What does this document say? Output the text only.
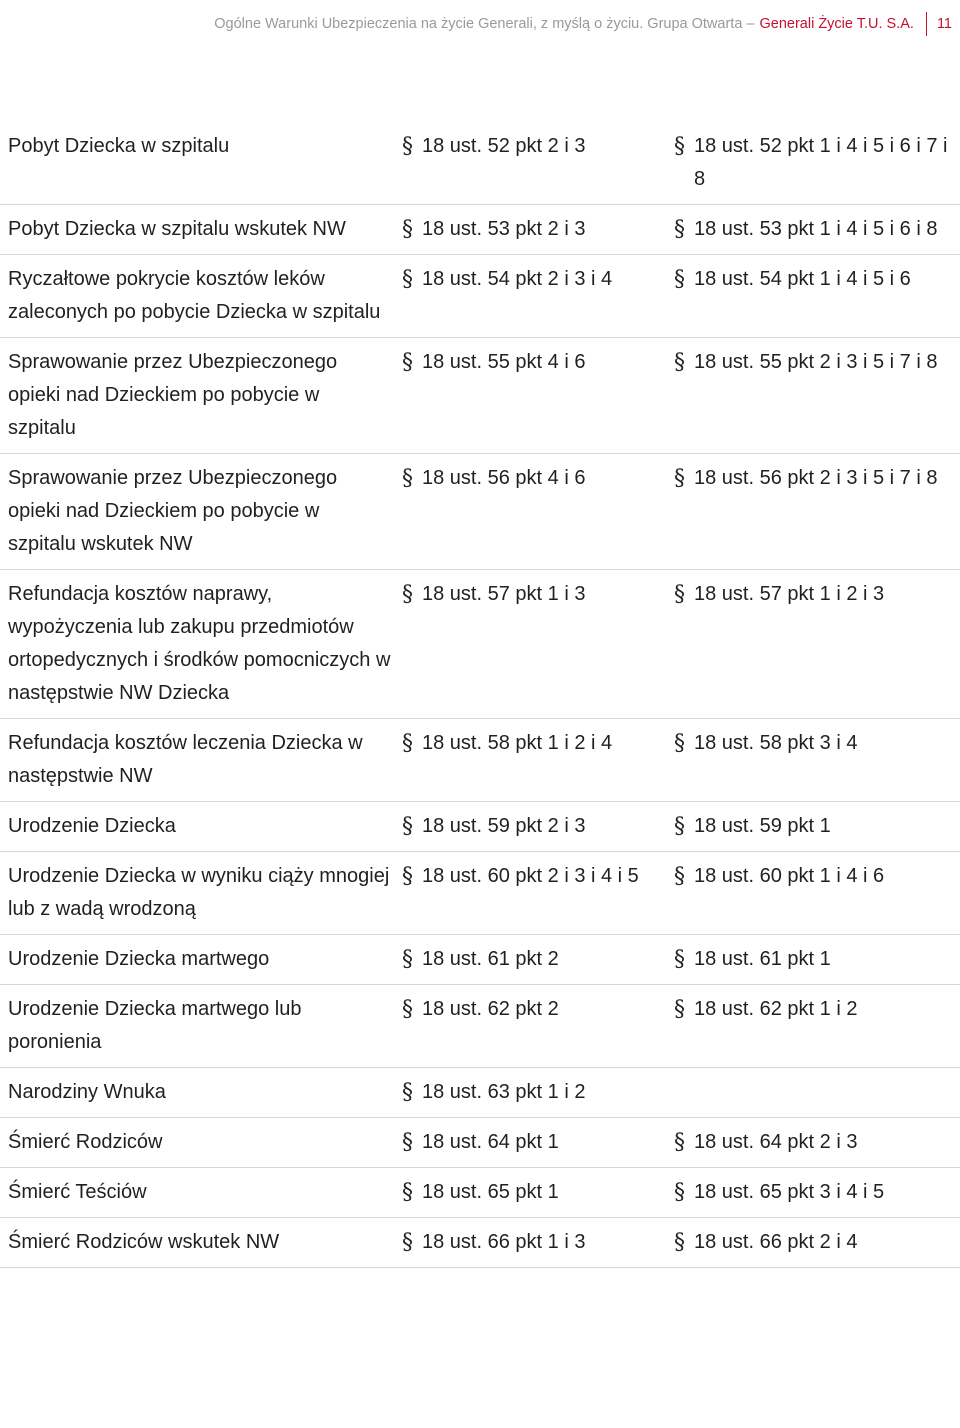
Ogólne Warunki Ubezpieczenia na życie Generali, z myślą o życiu. Grupa Otwarta – Generali Życie T.U. S.A. 11
Pobyt Dziecka w szpitalu	§ 18 ust. 52 pkt 2 i 3	§ 18 ust. 52 pkt 1 i 4 i 5 i 6 i 7 i 8

Pobyt Dziecka w szpitalu wskutek NW	§ 18 ust. 53 pkt 2 i 3	§ 18 ust. 53 pkt 1 i 4 i 5 i 6 i 8

Ryczałtowe pokrycie kosztów leków zaleconych po pobycie Dziecka w szpitalu	§ 18 ust. 54 pkt 2 i 3 i 4	§ 18 ust. 54 pkt 1 i 4 i 5 i 6

Sprawowanie przez Ubezpieczonego opieki nad Dzieckiem po pobycie w szpitalu	§ 18 ust. 55 pkt 4 i 6	§ 18 ust. 55 pkt 2 i 3 i 5 i 7 i 8

Sprawowanie przez Ubezpieczonego opieki nad Dzieckiem po pobycie w szpitalu wskutek NW	§ 18 ust. 56 pkt 4 i 6	§ 18 ust. 56 pkt 2 i 3 i 5 i 7 i 8

Refundacja kosztów naprawy, wypożyczenia lub zakupu przedmiotów ortopedycznych i środków pomocniczych w następstwie NW Dziecka	§ 18 ust. 57 pkt 1 i 3	§ 18 ust. 57 pkt 1 i 2 i 3

Refundacja kosztów leczenia Dziecka w następstwie NW	§ 18 ust. 58 pkt 1 i 2 i 4	§ 18 ust. 58 pkt 3 i 4

Urodzenie Dziecka	§ 18 ust. 59 pkt 2 i 3	§ 18 ust. 59 pkt 1

Urodzenie Dziecka w wyniku ciąży mnogiej lub z wadą wrodzoną	§ 18 ust. 60 pkt 2 i 3 i 4 i 5	§ 18 ust. 60 pkt 1 i 4 i 6

Urodzenie Dziecka martwego	§ 18 ust. 61 pkt 2	§ 18 ust. 61 pkt 1

Urodzenie Dziecka martwego lub poronienia	§ 18 ust. 62 pkt 2	§ 18 ust. 62 pkt 1 i 2

Narodziny Wnuka	§ 18 ust. 63 pkt 1 i 2	

Śmierć Rodziców	§ 18 ust. 64 pkt 1	§ 18 ust. 64 pkt 2 i 3

Śmierć Teściów	§ 18 ust. 65 pkt 1	§ 18 ust. 65 pkt 3 i 4 i 5

Śmierć Rodziców wskutek NW	§ 18 ust. 66 pkt 1 i 3	§ 18 ust. 66 pkt 2 i 4
